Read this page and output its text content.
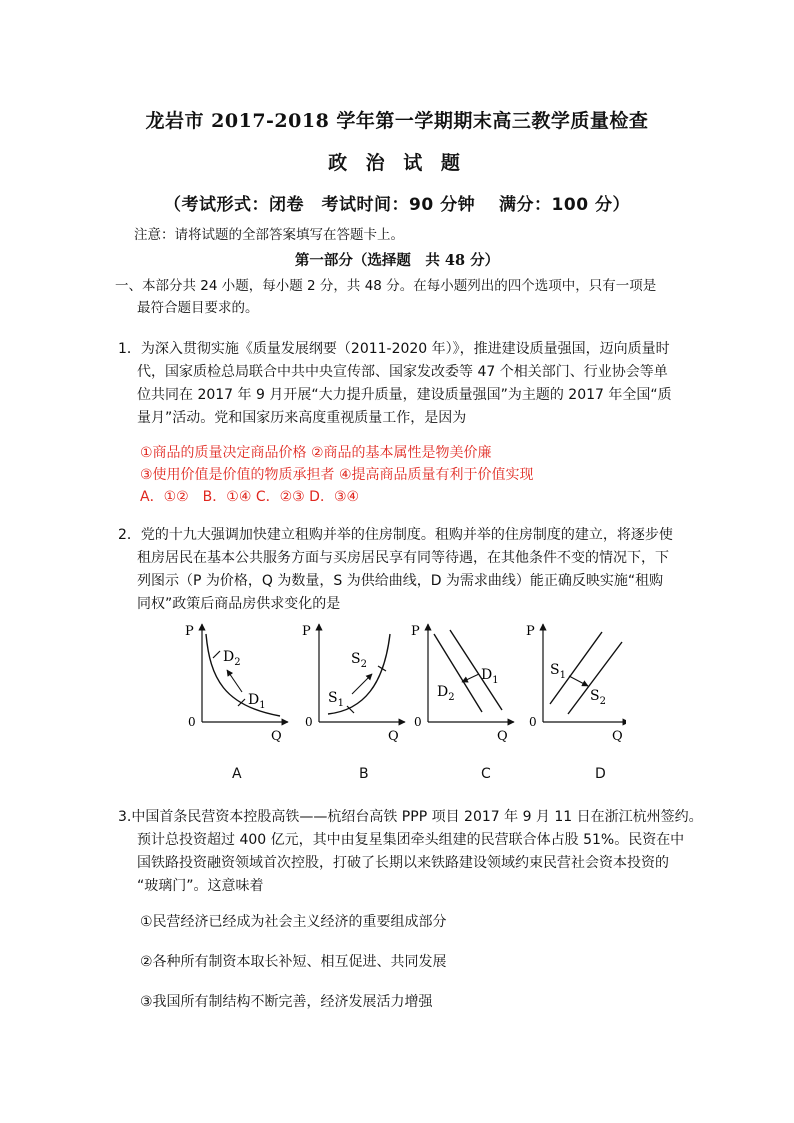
龙岩市 2017-2018 学年第一学期期末高三教学质量检查
政 治 试 题
（考试形式：闭卷　考试时间：90 分钟　 满分：100 分）
注意：请将试题的全部答案填写在答题卡上。
第一部分（选择题　共 48 分）
一、本部分共 24 小题，每小题 2 分，共 48 分。在每小题列出的四个选项中，只有一项是
最符合题目要求的。
1．为深入贯彻实施《质量发展纲要（2011-2020 年）》，推进建设质量强国，迈向质量时
代，国家质检总局联合中共中央宣传部、国家发改委等 47 个相关部门、行业协会等单
位共同在 2017 年 9 月开展“大力提升质量，建设质量强国”为主题的 2017 年全国“质
量月”活动。党和国家历来高度重视质量工作，是因为
①商品的质量决定商品价格 ②商品的基本属性是物美价廉
③使用价值是价值的物质承担者 ④提高商品质量有利于价值实现
A．①②　B．①④ C．②③ D．③④
2．党的十九大强调加快建立租购并举的住房制度。租购并举的住房制度的建立，将逐步使
租房居民在基本公共服务方面与买房居民享有同等待遇，在其他条件不变的情况下，下
列图示（P 为价格，Q 为数量，S 为供给曲线，D 为需求曲线）能正确反映实施“租购
同权”政策后商品房供求变化的是
P
Q
0
$D_2$
$D_1$
P
Q
0
$S_1$
$S_2$
P
Q
0
$D_1$
$D_2$
P
Q
0
$S_1$
$S_2$
A	B	C	D
3.中国首条民营资本控股高铁——杭绍台高铁 PPP 项目 2017 年 9 月 11 日在浙江杭州签约。
预计总投资超过 400 亿元，其中由复星集团牵头组建的民营联合体占股 51%。民资在中
国铁路投资融资领域首次控股，打破了长期以来铁路建设领域约束民营社会资本投资的
“玻璃门”。这意味着
①民营经济已经成为社会主义经济的重要组成部分
②各种所有制资本取长补短、相互促进、共同发展
③我国所有制结构不断完善，经济发展活力增强
